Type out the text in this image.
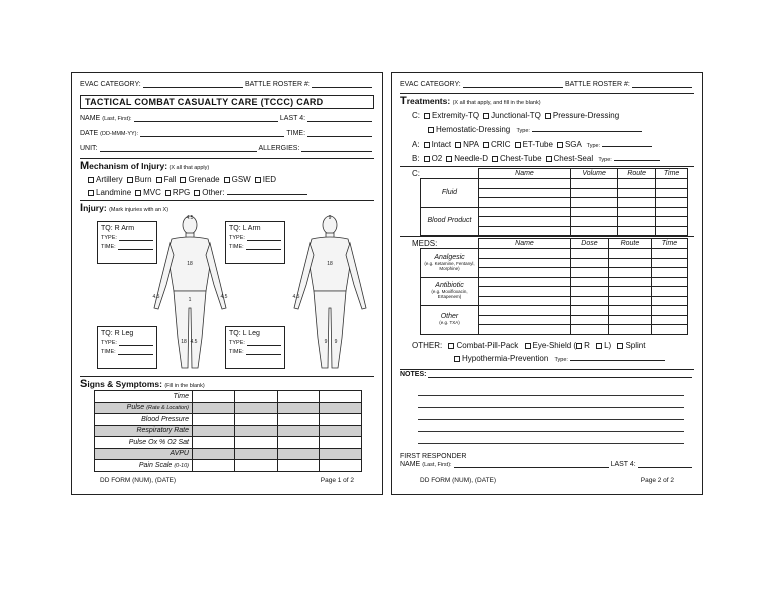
EVAC CATEGORY:	BATTLE ROSTER #:
TACTICAL COMBAT CASUALTY CARE (TCCC) CARD
NAME (Last, First):	LAST 4:
DATE (DD-MMM-YY):	TIME:
UNIT:	ALLERGIES:
Mechanism of Injury: (X all that apply)
Artillery Burn Fall Grenade GSW IED
Landmine MVC RPG Other:
Injury: (Mark injuries with an X)
TQ: R Arm
TYPE:
TIME:
TQ: L Arm
TYPE:
TIME:
TQ: R Leg
TYPE:
TIME:
TQ: L Leg
TYPE:
TIME:
4.5
18
4.5	1
18
4.5
4.5
18
9
4.5
9 9
Signs & Symptoms: (Fill in the blank)
Time				
Pulse (Rate & Location)				
Blood Pressure				
Respiratory Rate				
Pulse Ox % O2 Sat				
AVPU				
Pain Scale (0-10)				
DD FORM (NUM), (DATE)	Page 1 of 2
EVAC CATEGORY:	BATTLE ROSTER #:
Treatments: (X all that apply, and fill in the blank)
C: Extremity-TQ Junctional-TQ Pressure-Dressing
Hemostatic-Dressing Type:
A: Intact NPA CRIC ET-Tube SGA Type:
B: O2 Needle-D Chest-Tube Chest-Seal Type:
C:
		Name	Volume	Route	Time
Fluid				

Blood Product				

MEDS:
		Name	Dose	Route	Time

Analgesic
(e.g. Ketamine, Fentanyl, Morphine)				

Antibiotic
(e.g. Moxifloxacin, Ertapenem)				

Other
(e.g. TXA)				

OTHER: Combat-Pill-Pack Eye-Shield ( R L) Splint
Hypothermia-Prevention Type:
NOTES:
FIRST RESPONDER
NAME (Last, First):	LAST 4:
DD FORM (NUM), (DATE)	Page 2 of 2
